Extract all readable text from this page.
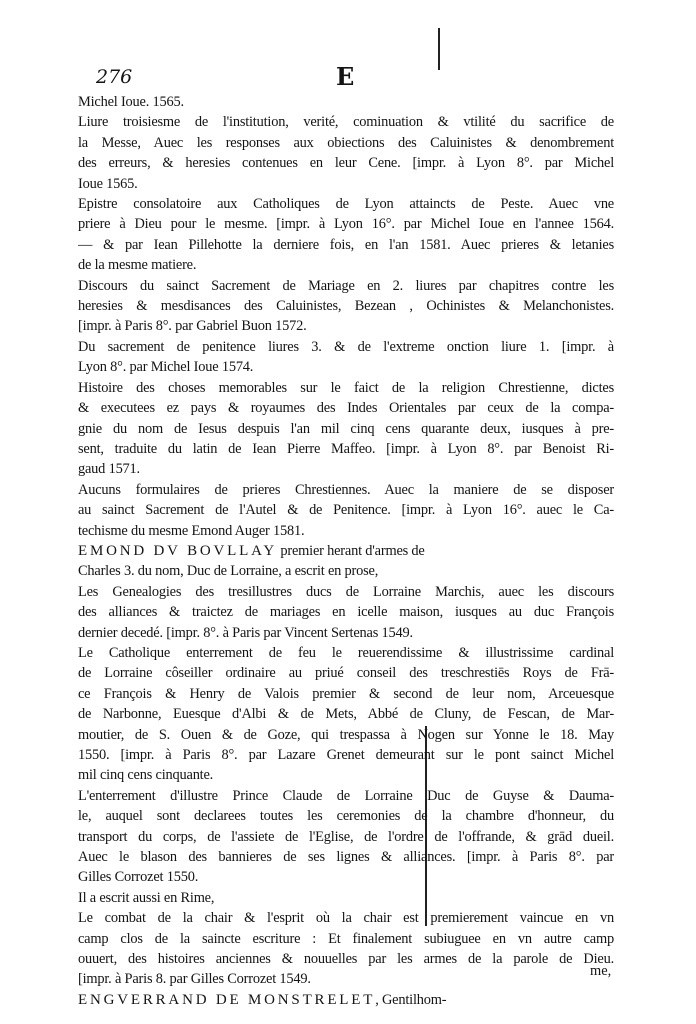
276	E
Michel Ioue. 1565.
Liure troisiesme de l'institution, verité, cominuation & vtilité du sacrifice de
la Messe, Auec les responses aux obiections des Caluinistes & denombrement
des erreurs, & heresies contenues en leur Cene. [impr. à Lyon 8°. par Michel
Ioue 1565.
Epistre consolatoire aux Catholiques de Lyon attaincts de Peste. Auec vne
priere à Dieu pour le mesme. [impr. à Lyon 16°. par Michel Ioue en l'annee 1564.
— & par Iean Pillehotte la derniere fois, en l'an 1581. Auec prieres & letanies
de la mesme matiere.
Discours du sainct Sacrement de Mariage en 2. liures par chapitres contre les
heresies & mesdisances des Caluinistes, Bezean , Ochinistes & Melanchonistes.
[impr. à Paris 8°. par Gabriel Buon 1572.
Du sacrement de penitence liures 3. & de l'extreme onction liure 1. [impr. à
Lyon 8°. par Michel Ioue 1574.
Histoire des choses memorables sur le faict de la religion Chrestienne, dictes
& executees ez pays & royaumes des Indes Orientales par ceux de la compa-
gnie du nom de Iesus despuis l'an mil cinq cens quarante deux, iusques à pre-
sent, traduite du latin de Iean Pierre Maffeo. [impr. à Lyon 8°. par Benoist Ri-
gaud 1571.
Aucuns formulaires de prieres Chrestiennes. Auec la maniere de se disposer
au sainct Sacrement de l'Autel & de Penitence. [impr. à Lyon 16°. auec le Ca-
techisme du mesme Emond Auger 1581.
EMOND DV BOVLLAY premier herant d'armes de
Charles 3. du nom, Duc de Lorraine, a escrit en prose,
Les Genealogies des tresillustres ducs de Lorraine Marchis, auec les discours
des alliances & traictez de mariages en icelle maison, iusques au duc François
dernier decedé. [impr. 8°. à Paris par Vincent Sertenas 1549.
Le Catholique enterrement de feu le reuerendissime & illustrissime cardinal
de Lorraine côseiller ordinaire au priué conseil des treschrestiēs Roys de Frā-
ce François & Henry de Valois premier & second de leur nom, Arceuesque
de Narbonne, Euesque d'Albi & de Mets, Abbé de Cluny, de Fescan, de Mar-
moutier, de S. Ouen & de Goze, qui trespassa à Nogen sur Yonne le 18. May
1550. [impr. à Paris 8°. par Lazare Grenet demeurant sur le pont sainct Michel
mil cinq cens cinquante.
L'enterrement d'illustre Prince Claude de Lorraine Duc de Guyse & Dauma-
le, auquel sont declarees toutes les ceremonies de la chambre d'honneur, du
transport du corps, de l'assiete de l'Eglise, de l'ordre de l'offrande, & grād dueil.
Auec le blason des bannieres de ses lignes & alliances. [impr. à Paris 8°. par
Gilles Corrozet 1550.
Il a escrit aussi en Rime,
Le combat de la chair & l'esprit où la chair est premierement vaincue en vn
camp clos de la saincte escriture : Et finalement subiuguee en vn autre camp
ouuert, des histoires anciennes & nouuelles par les armes de la parole de Dieu.
[impr. à Paris 8. par Gilles Corrozet 1549.
ENGVERRAND DE MONSTRELET, Gentilhom-
me,
